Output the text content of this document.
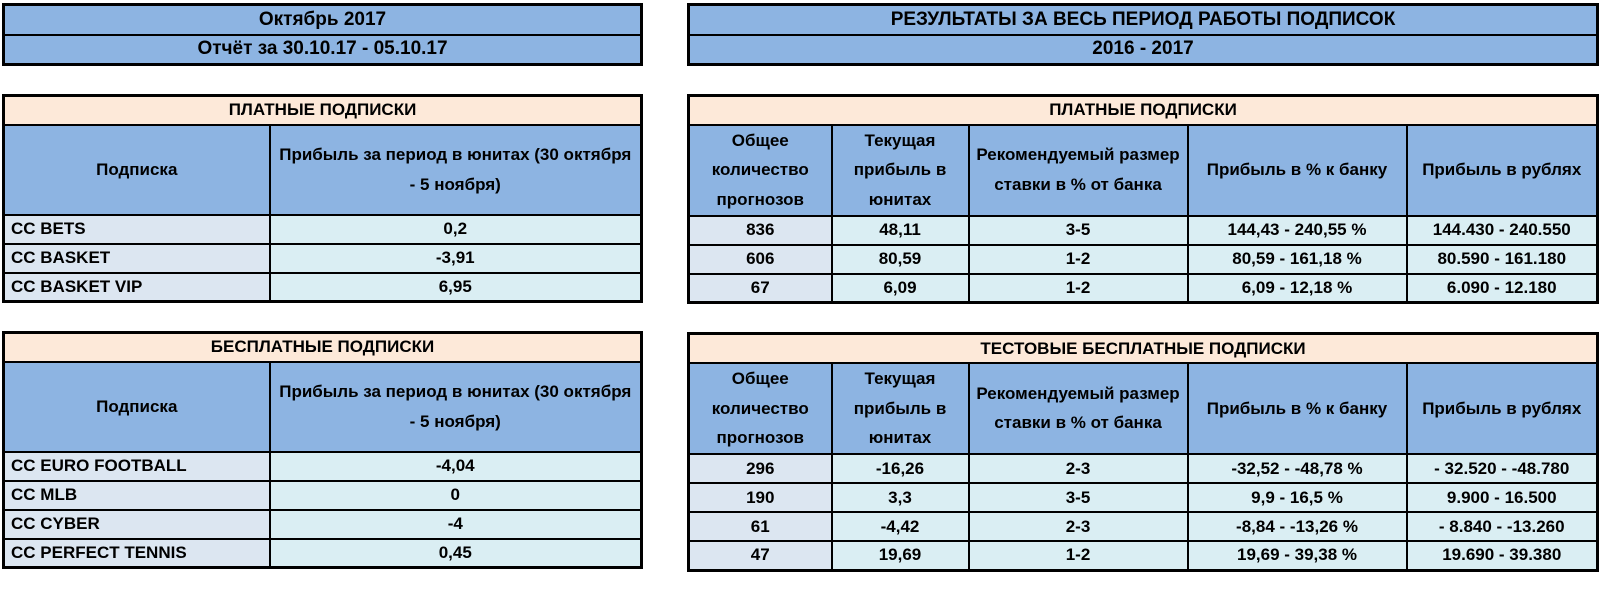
Октябрь 2017
Отчёт за 30.10.17 - 05.10.17
ПЛАТНЫЕ ПОДПИСКИ	
Подписка	Прибыль за период в юнитах (30 октября - 5 ноября)
CC BETS	0,2
CC BASKET	-3,91
CC BASKET VIP	6,95
БЕСПЛАТНЫЕ ПОДПИСКИ	
Подписка	Прибыль за период в юнитах (30 октября - 5 ноября)
CC EURO FOOTBALL	-4,04
CC MLB	0
CC CYBER	-4
CC PERFECT TENNIS	0,45
РЕЗУЛЬТАТЫ ЗА ВЕСЬ ПЕРИОД РАБОТЫ ПОДПИСОК
2016 - 2017
ПЛАТНЫЕ ПОДПИСКИ				
Общее количество прогнозов	Текущая прибыль в юнитах	Рекомендуемый размер ставки в % от банка	Прибыль в % к банку	Прибыль в рублях
836	48,11	3-5	144,43 - 240,55 %	144.430 - 240.550
606	80,59	1-2	80,59 - 161,18 %	80.590 - 161.180
67	6,09	1-2	6,09 - 12,18 %	6.090 - 12.180
ТЕСТОВЫЕ БЕСПЛАТНЫЕ ПОДПИСКИ				
Общее количество прогнозов	Текущая прибыль в юнитах	Рекомендуемый размер ставки в % от банка	Прибыль в % к банку	Прибыль в рублях
296	-16,26	2-3	-32,52 - -48,78 %	- 32.520 - -48.780
190	3,3	3-5	9,9 - 16,5 %	9.900 - 16.500
61	-4,42	2-3	-8,84 - -13,26 %	- 8.840 - -13.260
47	19,69	1-2	19,69 - 39,38 %	19.690 - 39.380
